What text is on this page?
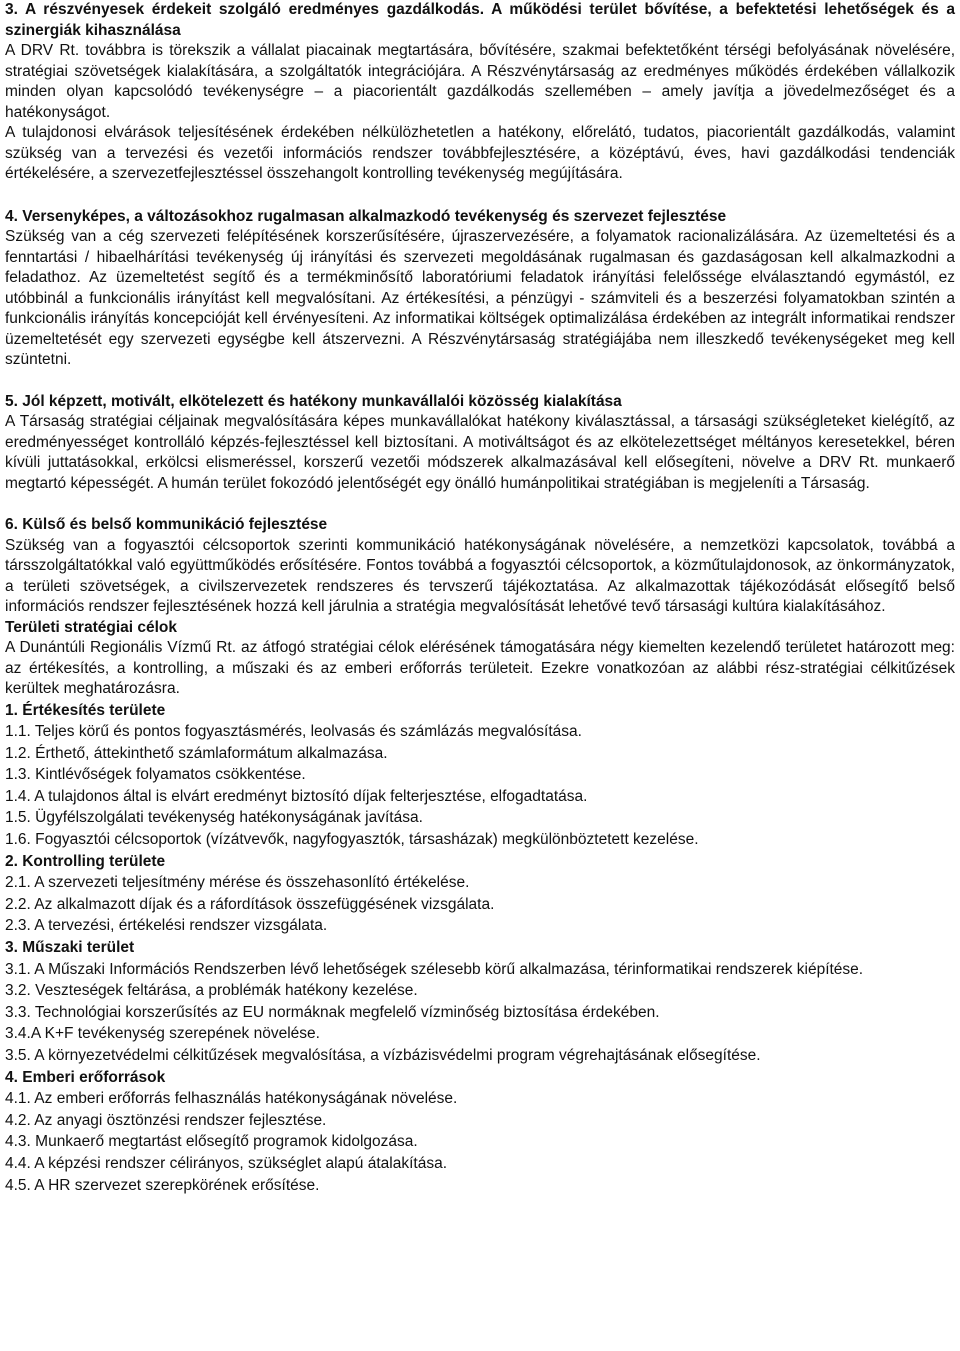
3. A részvényesek érdekeit szolgáló eredményes gazdálkodás. A működési terület bővítése, a befektetési lehetőségek és a szinergiák kihasználása

A DRV Rt. továbbra is törekszik a vállalat piacainak megtartására, bővítésére, szakmai befektetőként térségi befolyásának növelésére, stratégiai szövetségek kialakítására, a szolgáltatók integrációjára. A Részvénytársaság az eredményes működés érdekében vállalkozik minden olyan kapcsolódó tevékenységre – a piacorientált gazdálkodás szellemében – amely javítja a jövedelmezőséget és a hatékonyságot.

A tulajdonosi elvárások teljesítésének érdekében nélkülözhetetlen a hatékony, előrelátó, tudatos, piacorientált gazdálkodás, valamint szükség van a tervezési és vezetői információs rendszer továbbfejlesztésére, a középtávú, éves, havi gazdálkodási tendenciák értékelésére, a szervezetfejlesztéssel összehangolt kontrolling tevékenység megújítására.

4. Versenyképes, a változásokhoz rugalmasan alkalmazkodó tevékenység és szervezet fejlesztése

Szükség van a cég szervezeti felépítésének korszerűsítésére, újraszervezésére, a folyamatok racionalizálására. Az üzemeltetési és a fenntartási / hibaelhárítási tevékenység új irányítási és szervezeti megoldásának rugalmasan és gazdaságosan kell alkalmazkodni a feladathoz. Az üzemeltetést segítő és a termékminősítő laboratóriumi feladatok irányítási felelőssége elválasztandó egymástól, ez utóbbinál a funkcionális irányítást kell megvalósítani. Az értékesítési, a pénzügyi - számviteli és a beszerzési folyamatokban szintén a funkcionális irányítás koncepcióját kell érvényesíteni. Az informatikai költségek optimalizálása érdekében az integrált informatikai rendszer üzemeltetését egy szervezeti egységbe kell átszervezni. A Részvénytársaság stratégiájába nem illeszkedő tevékenységeket meg kell szüntetni.

5. Jól képzett, motivált, elkötelezett és hatékony munkavállalói közösség kialakítása

A Társaság stratégiai céljainak megvalósítására képes munkavállalókat hatékony kiválasztással, a társasági szükségleteket kielégítő, az eredményességet kontrolláló képzés-fejlesztéssel kell biztosítani. A motiváltságot és az elkötelezettséget méltányos keresetekkel, béren kívüli juttatásokkal, erkölcsi elismeréssel, korszerű vezetői módszerek alkalmazásával kell elősegíteni, növelve a DRV Rt. munkaerő megtartó képességét. A humán terület fokozódó jelentőségét egy önálló humánpolitikai stratégiában is megjeleníti a Társaság.

6. Külső és belső kommunikáció fejlesztése

Szükség van a fogyasztói célcsoportok szerinti kommunikáció hatékonyságának növelésére, a nemzetközi kapcsolatok, továbbá a társszolgáltatókkal való együttműködés erősítésére. Fontos továbbá a fogyasztói célcsoportok, a közműtulajdonosok, az önkormányzatok, a területi szövetségek, a civilszervezetek rendszeres és tervszerű tájékoztatása. Az alkalmazottak tájékozódását elősegítő belső információs rendszer fejlesztésének hozzá kell járulnia a stratégia megvalósítását lehetővé tevő társasági kultúra kialakításához.

Területi stratégiai célok

A Dunántúli Regionális Vízmű Rt. az átfogó stratégiai célok elérésének támogatására négy kiemelten kezelendő területet határozott meg: az értékesítés, a kontrolling, a műszaki és az emberi erőforrás területeit. Ezekre vonatkozóan az alábbi rész-stratégiai célkitűzések kerültek meghatározásra.

1. Értékesítés területe

1.1. Teljes körű és pontos fogyasztásmérés, leolvasás és számlázás megvalósítása.

1.2. Érthető, áttekinthető számlaformátum alkalmazása.

1.3. Kintlévőségek folyamatos csökkentése.

1.4. A tulajdonos által is elvárt eredményt biztosító díjak felterjesztése, elfogadtatása.

1.5. Ügyfélszolgálati tevékenység hatékonyságának javítása.

1.6. Fogyasztói célcsoportok (vízátvevők, nagyfogyasztók, társasházak) megkülönböztetett kezelése.

2. Kontrolling területe

2.1. A szervezeti teljesítmény mérése és összehasonlító értékelése.

2.2. Az alkalmazott díjak és a ráfordítások összefüggésének vizsgálata.

2.3. A tervezési, értékelési rendszer vizsgálata.

3. Műszaki terület

3.1. A Műszaki Információs Rendszerben lévő lehetőségek szélesebb körű alkalmazása, térinformatikai rendszerek kiépítése.

3.2. Veszteségek feltárása, a problémák hatékony kezelése.

3.3. Technológiai korszerűsítés az EU normáknak megfelelő vízminőség biztosítása érdekében.

3.4.A K+F tevékenység szerepének növelése.

3.5. A környezetvédelmi célkitűzések megvalósítása, a vízbázisvédelmi program végrehajtásának elősegítése.

4. Emberi erőforrások

4.1. Az emberi erőforrás felhasználás hatékonyságának növelése.

4.2. Az anyagi ösztönzési rendszer fejlesztése.

4.3. Munkaerő megtartást elősegítő programok kidolgozása.

4.4. A képzési rendszer célirányos, szükséglet alapú átalakítása.

4.5. A HR szervezet szerepkörének erősítése.
